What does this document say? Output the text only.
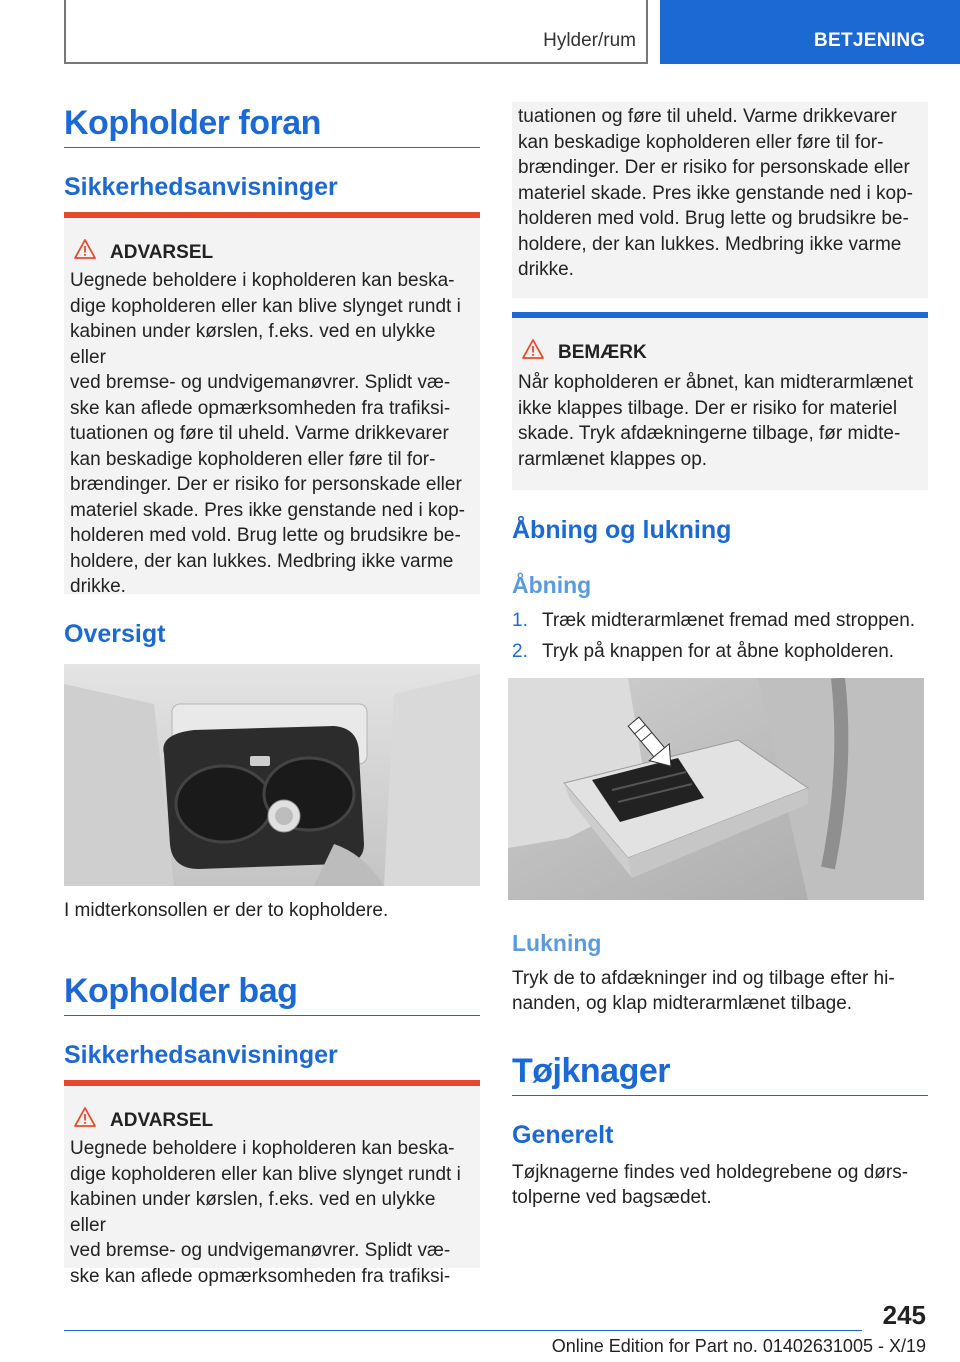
Hylder/rum	BETJENING
Kopholder foran
Sikkerhedsanvisninger
ADVARSEL
Uegnede beholdere i kopholderen kan beska-
dige kopholderen eller kan blive slynget rundt i
kabinen under kørslen, f.eks. ved en ulykke eller
ved bremse- og undvigemanøvrer. Splidt væ-
ske kan aflede opmærksomheden fra trafiksi-
tuationen og føre til uheld. Varme drikkevarer
kan beskadige kopholderen eller føre til for-
brændinger. Der er risiko for personskade eller
materiel skade. Pres ikke genstande ned i kop-
holderen med vold. Brug lette og brudsikre be-
holdere, der kan lukkes. Medbring ikke varme
drikke.
Oversigt
I midterkonsollen er der to kopholdere.
Kopholder bag
Sikkerhedsanvisninger
ADVARSEL
Uegnede beholdere i kopholderen kan beska-
dige kopholderen eller kan blive slynget rundt i
kabinen under kørslen, f.eks. ved en ulykke eller
ved bremse- og undvigemanøvrer. Splidt væ-
ske kan aflede opmærksomheden fra trafiksi-
tuationen og føre til uheld. Varme drikkevarer
kan beskadige kopholderen eller føre til for-
brændinger. Der er risiko for personskade eller
materiel skade. Pres ikke genstande ned i kop-
holderen med vold. Brug lette og brudsikre be-
holdere, der kan lukkes. Medbring ikke varme
drikke.
BEMÆRK
Når kopholderen er åbnet, kan midterarmlænet
ikke klappes tilbage. Der er risiko for materiel
skade. Tryk afdækningerne tilbage, før midte-
rarmlænet klappes op.
Åbning og lukning
Åbning
1. Træk midterarmlænet fremad med stroppen.
2. Tryk på knappen for at åbne kopholderen.
Lukning
Tryk de to afdækninger ind og tilbage efter hi-
nanden, og klap midterarmlænet tilbage.
Tøjknager
Generelt
Tøjknagerne findes ved holdegrebene og dørs-
tolperne ved bagsædet.
245
Online Edition for Part no. 01402631005 - X/19
